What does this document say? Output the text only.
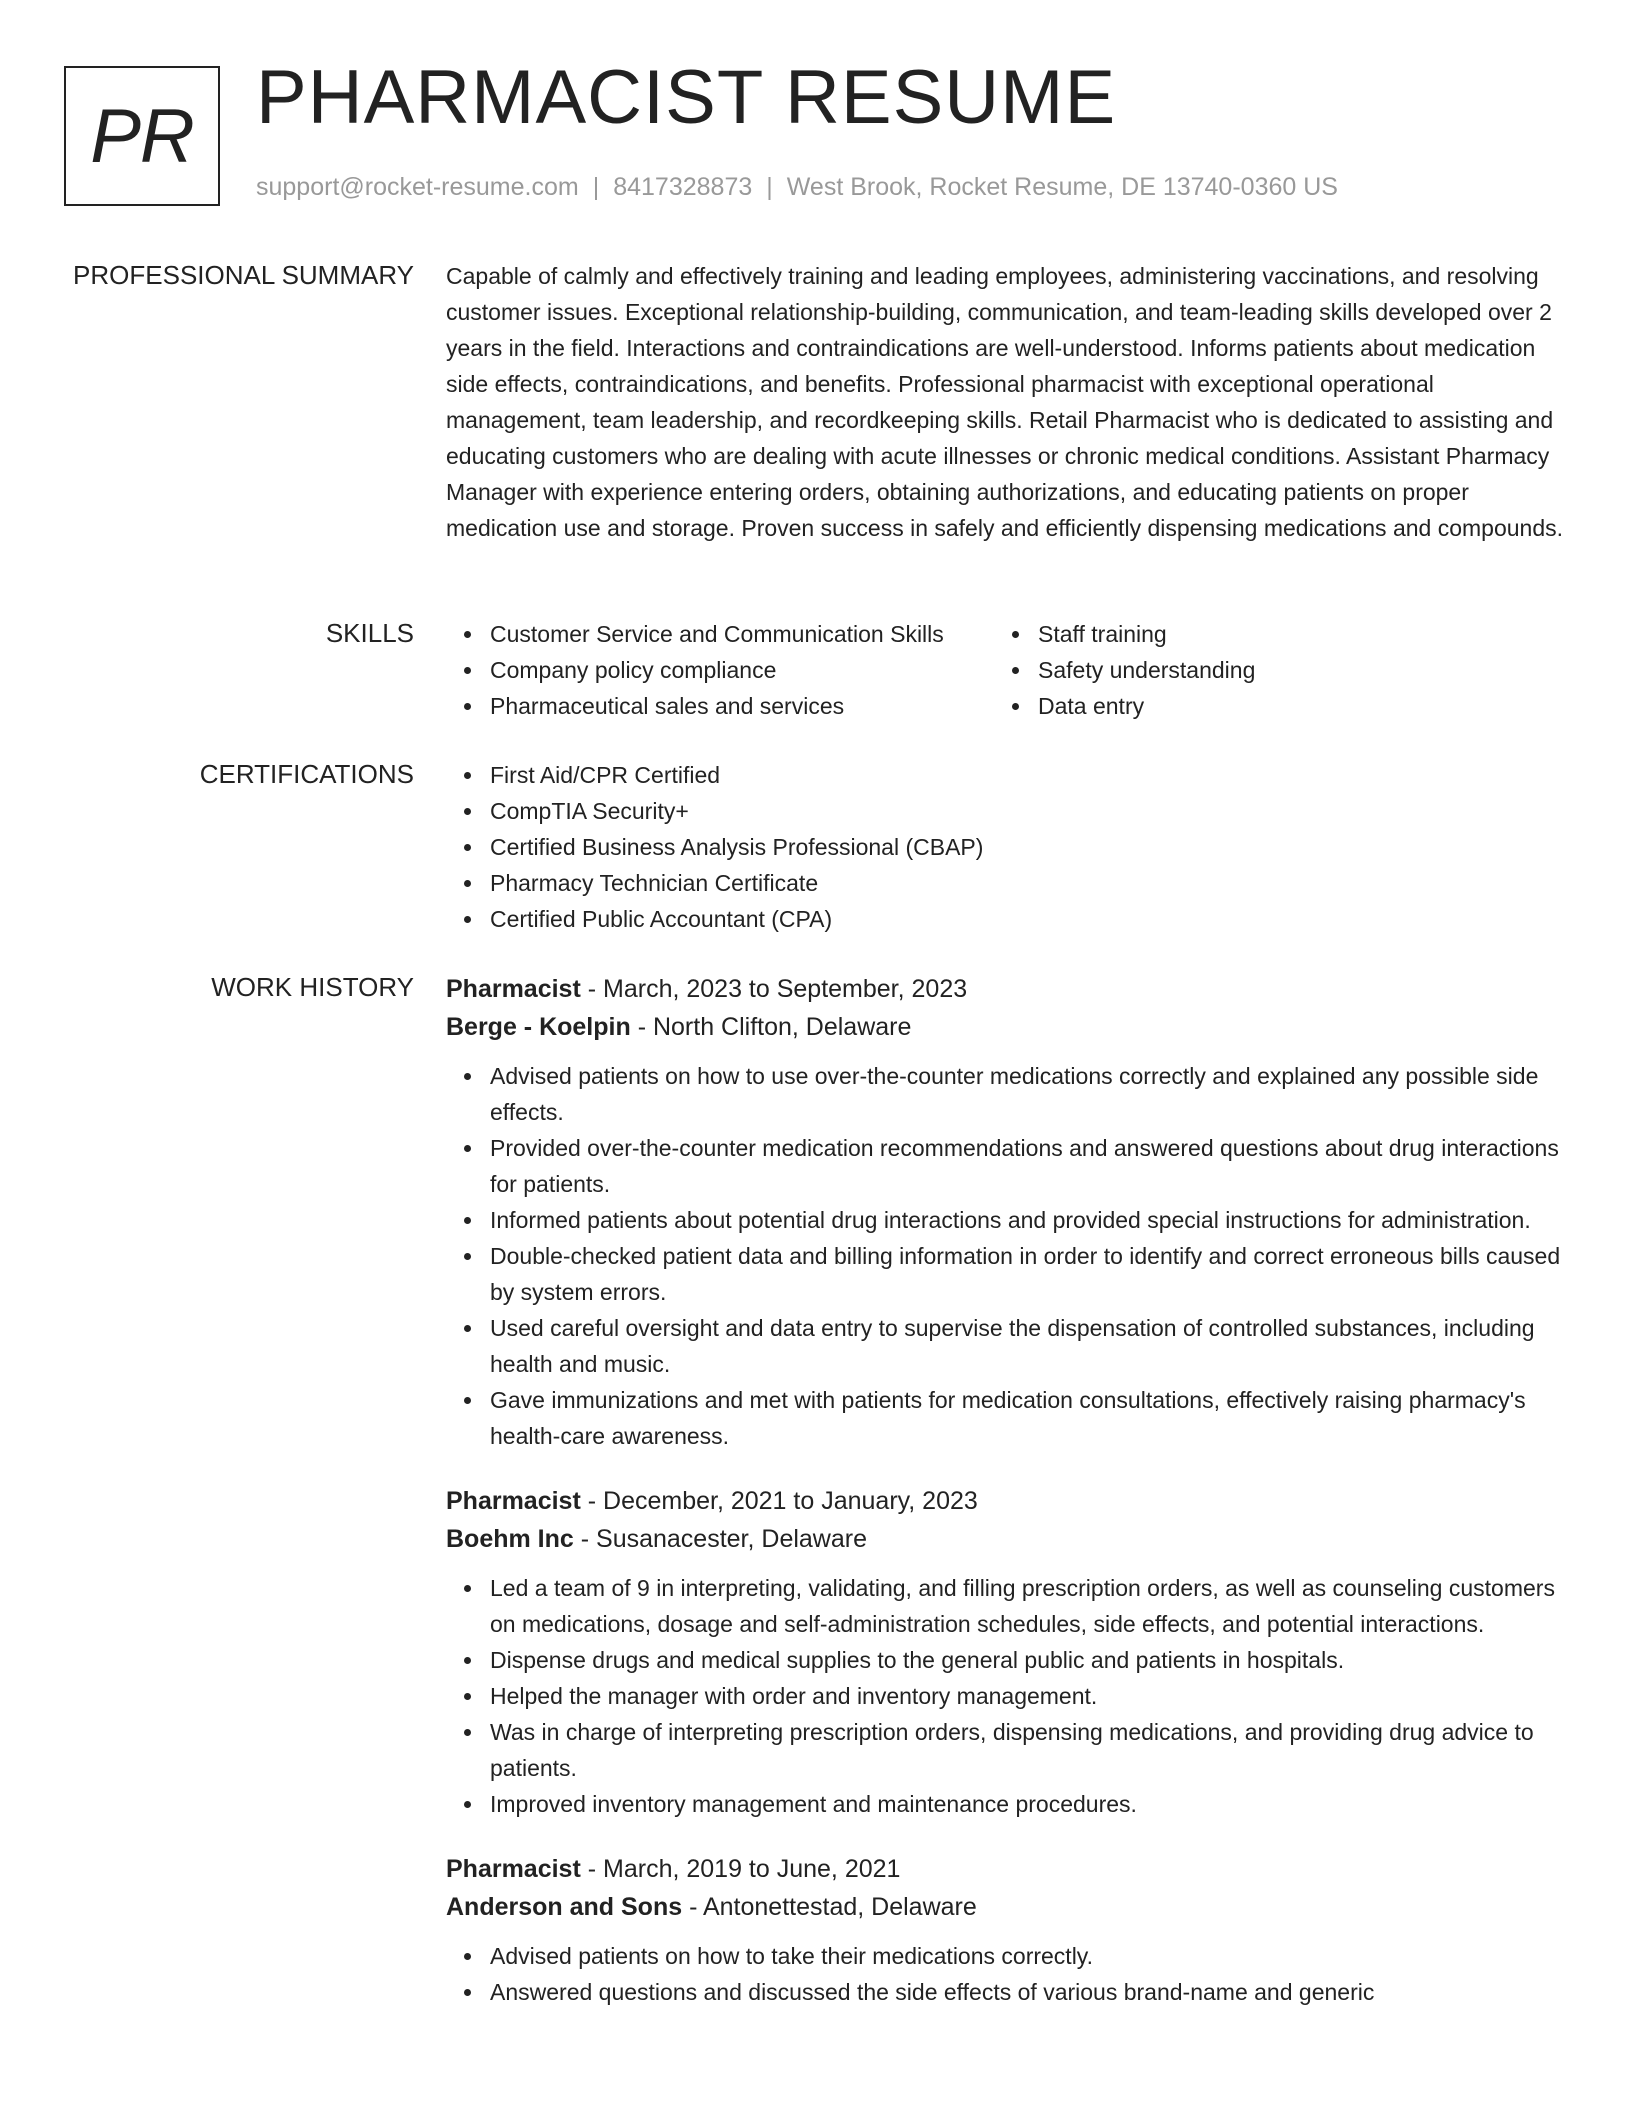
PR PHARMACIST RESUME
support@rocket-resume.com | 8417328873 | West Brook, Rocket Resume, DE 13740-0360 US
PROFESSIONAL SUMMARY Capable of calmly and effectively training and leading employees, administering vaccinations, and resolving customer issues. Exceptional relationship-building, communication, and team-leading skills developed over 2 years in the field. Interactions and contraindications are well-understood. Informs patients about medication side effects, contraindications, and benefits. Professional pharmacist with exceptional operational management, team leadership, and recordkeeping skills. Retail Pharmacist who is dedicated to assisting and educating customers who are dealing with acute illnesses or chronic medical conditions. Assistant Pharmacy Manager with experience entering orders, obtaining authorizations, and educating patients on proper medication use and storage. Proven success in safely and efficiently dispensing medications and compounds.

SKILLS	Customer Service and Communication Skills
Company policy compliance
Pharmaceutical sales and services
Staff training
Safety understanding
Data entry
CERTIFICATIONS	First Aid/CPR Certified
CompTIA Security+
Certified Business Analysis Professional (CBAP)
Pharmacy Technician Certificate
Certified Public Accountant (CPA)
WORK HISTORY Pharmacist - March, 2023 to September, 2023
Berge - Koelpin - North Clifton, Delaware
Advised patients on how to use over-the-counter medications correctly and explained any possible side effects.
Provided over-the-counter medication recommendations and answered questions about drug interactions for patients.
Informed patients about potential drug interactions and provided special instructions for administration.
Double-checked patient data and billing information in order to identify and correct erroneous bills caused by system errors.
Used careful oversight and data entry to supervise the dispensation of controlled substances, including health and music.
Gave immunizations and met with patients for medication consultations, effectively raising pharmacy's health-care awareness.
Pharmacist - December, 2021 to January, 2023
Boehm Inc - Susanacester, Delaware
Led a team of 9 in interpreting, validating, and filling prescription orders, as well as counseling customers on medications, dosage and self-administration schedules, side effects, and potential interactions.
Dispense drugs and medical supplies to the general public and patients in hospitals.
Helped the manager with order and inventory management.
Was in charge of interpreting prescription orders, dispensing medications, and providing drug advice to patients.
Improved inventory management and maintenance procedures.
Pharmacist - March, 2019 to June, 2021
Anderson and Sons - Antonettestad, Delaware
Advised patients on how to take their medications correctly.
Answered questions and discussed the side effects of various brand-name and generic
